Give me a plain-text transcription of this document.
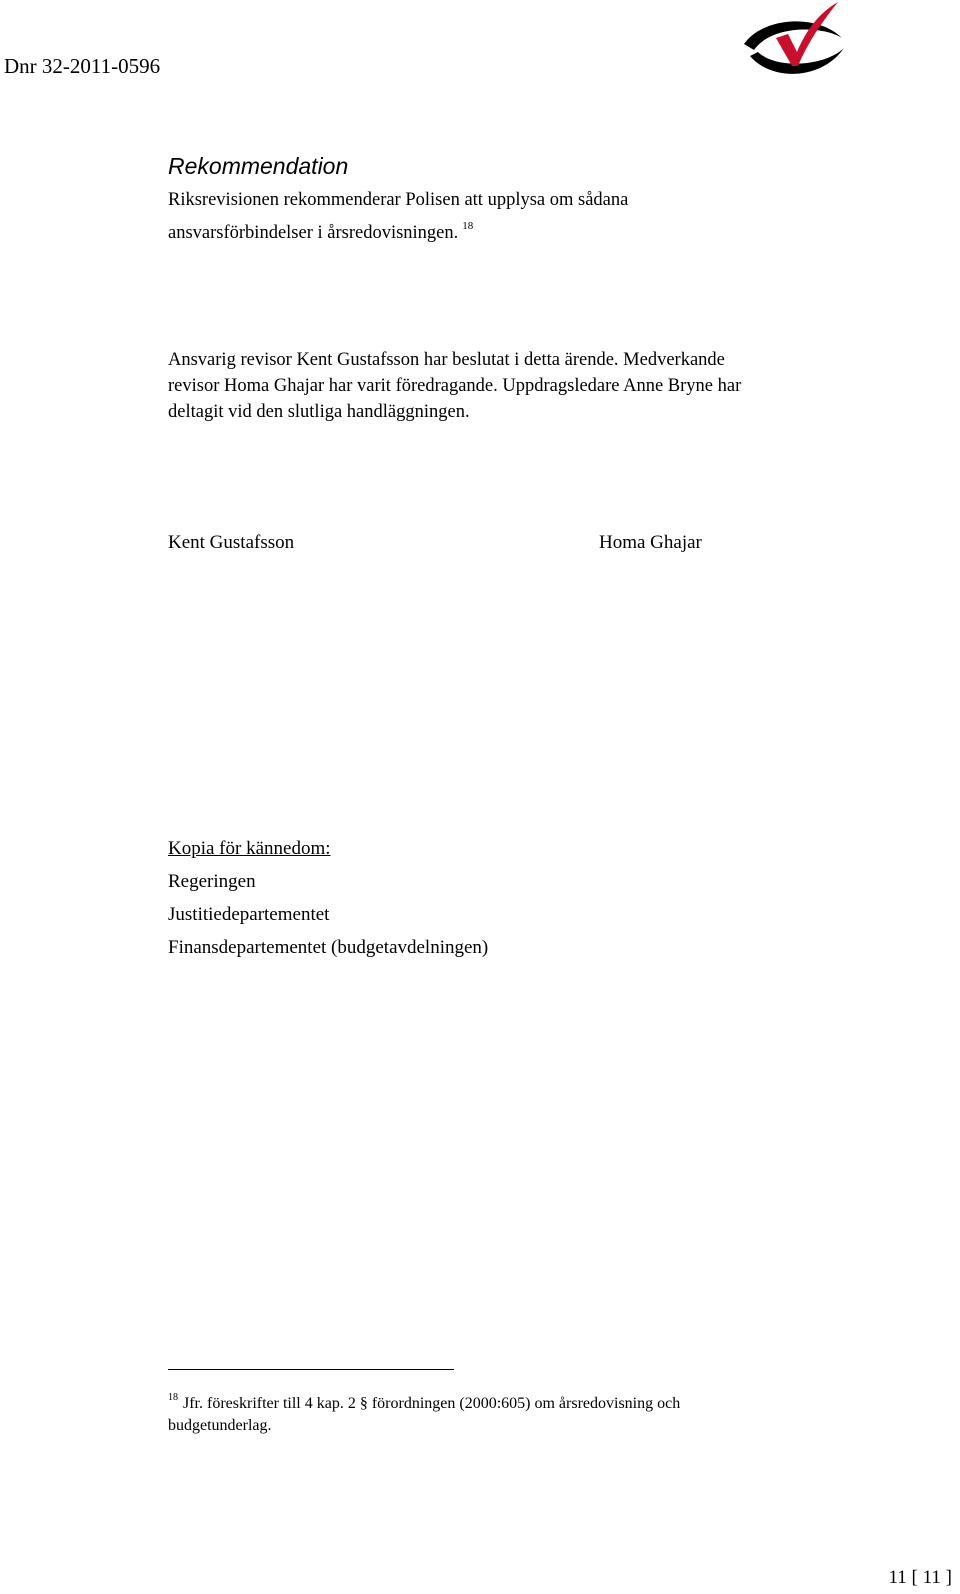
Dnr 32-2011-0596
Rekommendation
Riksrevisionen rekommenderar Polisen att upplysa om sådana
ansvarsförbindelser i årsredovisningen. $^{18}$
Ansvarig revisor Kent Gustafsson har beslutat i detta ärende. Medverkande
revisor Homa Ghajar har varit föredragande. Uppdragsledare Anne Bryne har
deltagit vid den slutliga handläggningen.
Kent Gustafsson	Homa Ghajar
Kopia för kännedom:
Regeringen
Justitiedepartementet
Finansdepartementet (budgetavdelningen)
$^{18}$ Jfr. föreskrifter till 4 kap. 2 § förordningen (2000:605) om årsredovisning och
budgetunderlag.
11 [ 11 ]
